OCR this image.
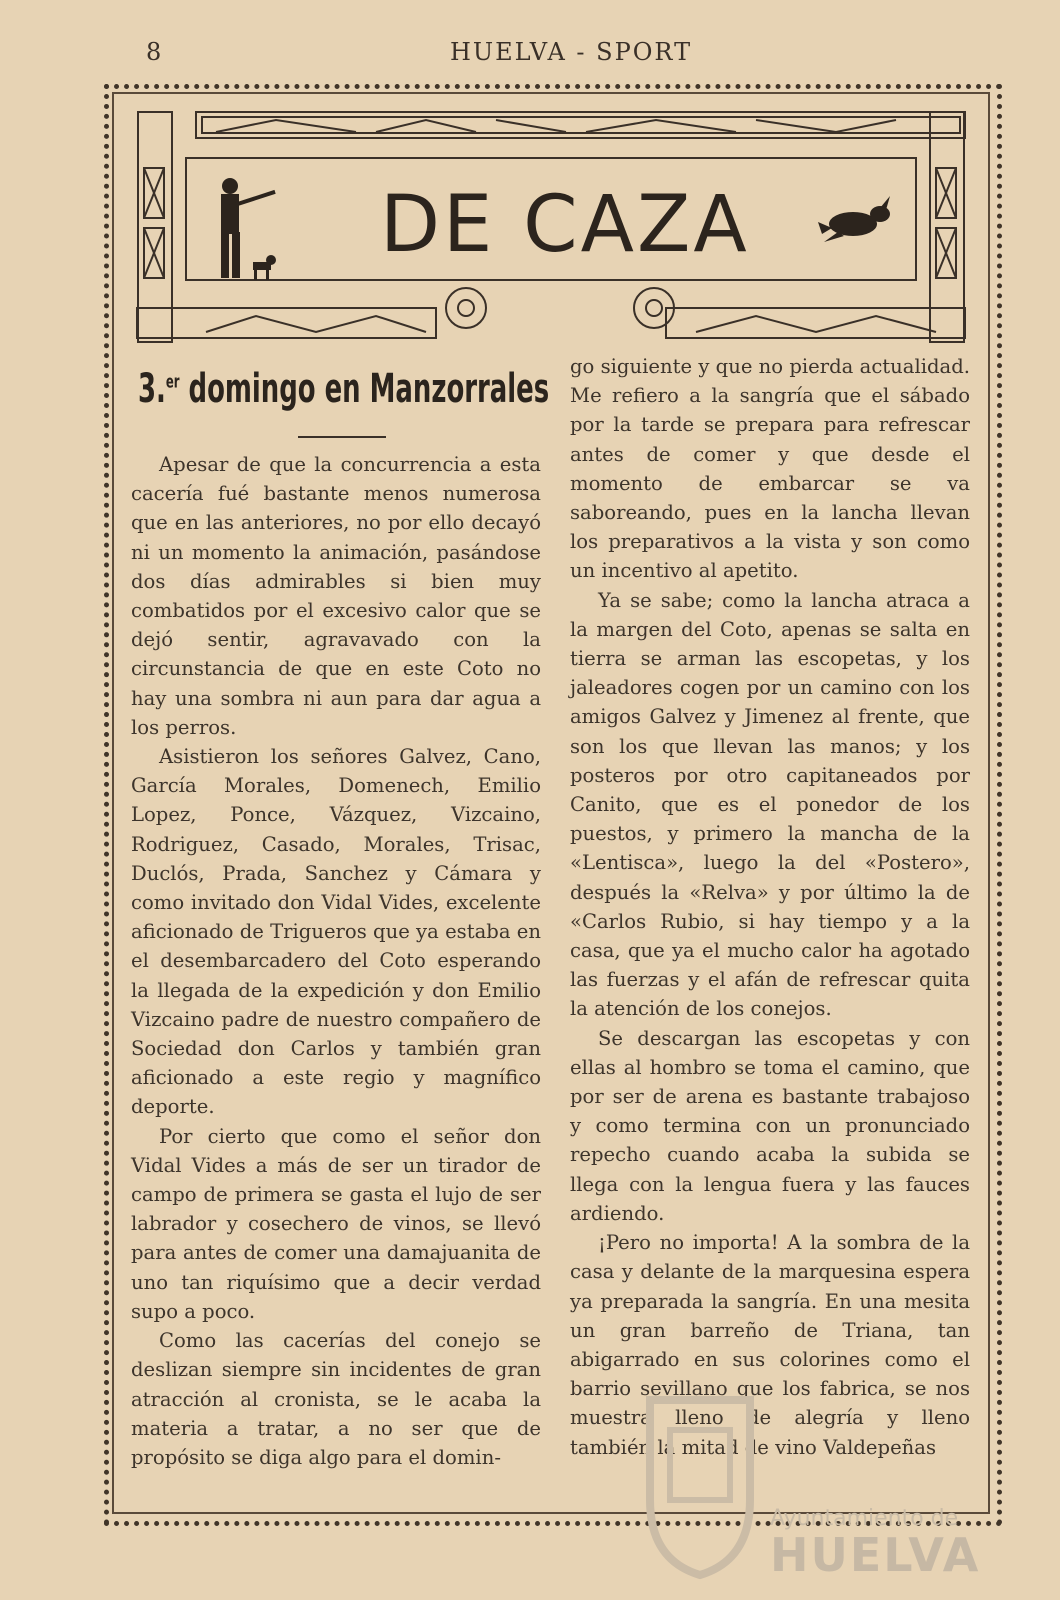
8	HUELVA - SPORT
DE CAZA
3.$^{er}$ domingo en Manzorrales

Apesar de que la concurrencia a esta cacería fué bastante menos numerosa que en las anteriores, no por ello decayó ni un momento la animación, pasándose dos días admirables si bien muy combatidos por el excesivo calor que se dejó sentir, agravavado con la circunstancia de que en este Coto no hay una sombra ni aun para dar agua a los perros.

Asistieron los señores Galvez, Cano, García Morales, Domenech, Emilio Lopez, Ponce, Vázquez, Vizcaino, Rodriguez, Casado, Morales, Trisac, Duclós, Prada, Sanchez y Cámara y como invitado don Vidal Vides, excelente aficionado de Trigueros que ya estaba en el desembarcadero del Coto esperando la llegada de la expedición y don Emilio Vizcaino padre de nuestro compañero de Sociedad don Carlos y también gran aficionado a este regio y magnífico deporte.

Por cierto que como el señor don Vidal Vides a más de ser un tirador de campo de primera se gasta el lujo de ser labrador y cosechero de vinos, se llevó para antes de comer una damajuanita de uno tan riquísimo que a decir verdad supo a poco.

Como las cacerías del conejo se deslizan siempre sin incidentes de gran atracción al cronista, se le acaba la materia a tratar, a no ser que de propósito se diga algo para el domin-

go siguiente y que no pierda actualidad. Me refiero a la sangría que el sábado por la tarde se prepara para refrescar antes de comer y que desde el momento de embarcar se va saboreando, pues en la lancha llevan los preparativos a la vista y son como un incentivo al apetito.

Ya se sabe; como la lancha atraca a la margen del Coto, apenas se salta en tierra se arman las escopetas, y los jaleadores cogen por un camino con los amigos Galvez y Jimenez al frente, que son los que llevan las manos; y los posteros por otro capitaneados por Canito, que es el ponedor de los puestos, y primero la mancha de la «Lentisca», luego la del «Postero», después la «Relva» y por último la de «Carlos Rubio, si hay tiempo y a la casa, que ya el mucho calor ha agotado las fuerzas y el afán de refrescar quita la atención de los conejos.

Se descargan las escopetas y con ellas al hombro se toma el camino, que por ser de arena es bastante trabajoso y como termina con un pronunciado repecho cuando acaba la subida se llega con la lengua fuera y las fauces ardiendo.

¡Pero no importa! A la sombra de la casa y delante de la marquesina espera ya preparada la sangría. En una mesita un gran barreño de Triana, tan abigarrado en sus colorines como el barrio sevillano que los fabrica, se nos muestra lleno de alegría y lleno también la mitad de vino Valdepeñas

Ayuntamiento de
HUELVA
